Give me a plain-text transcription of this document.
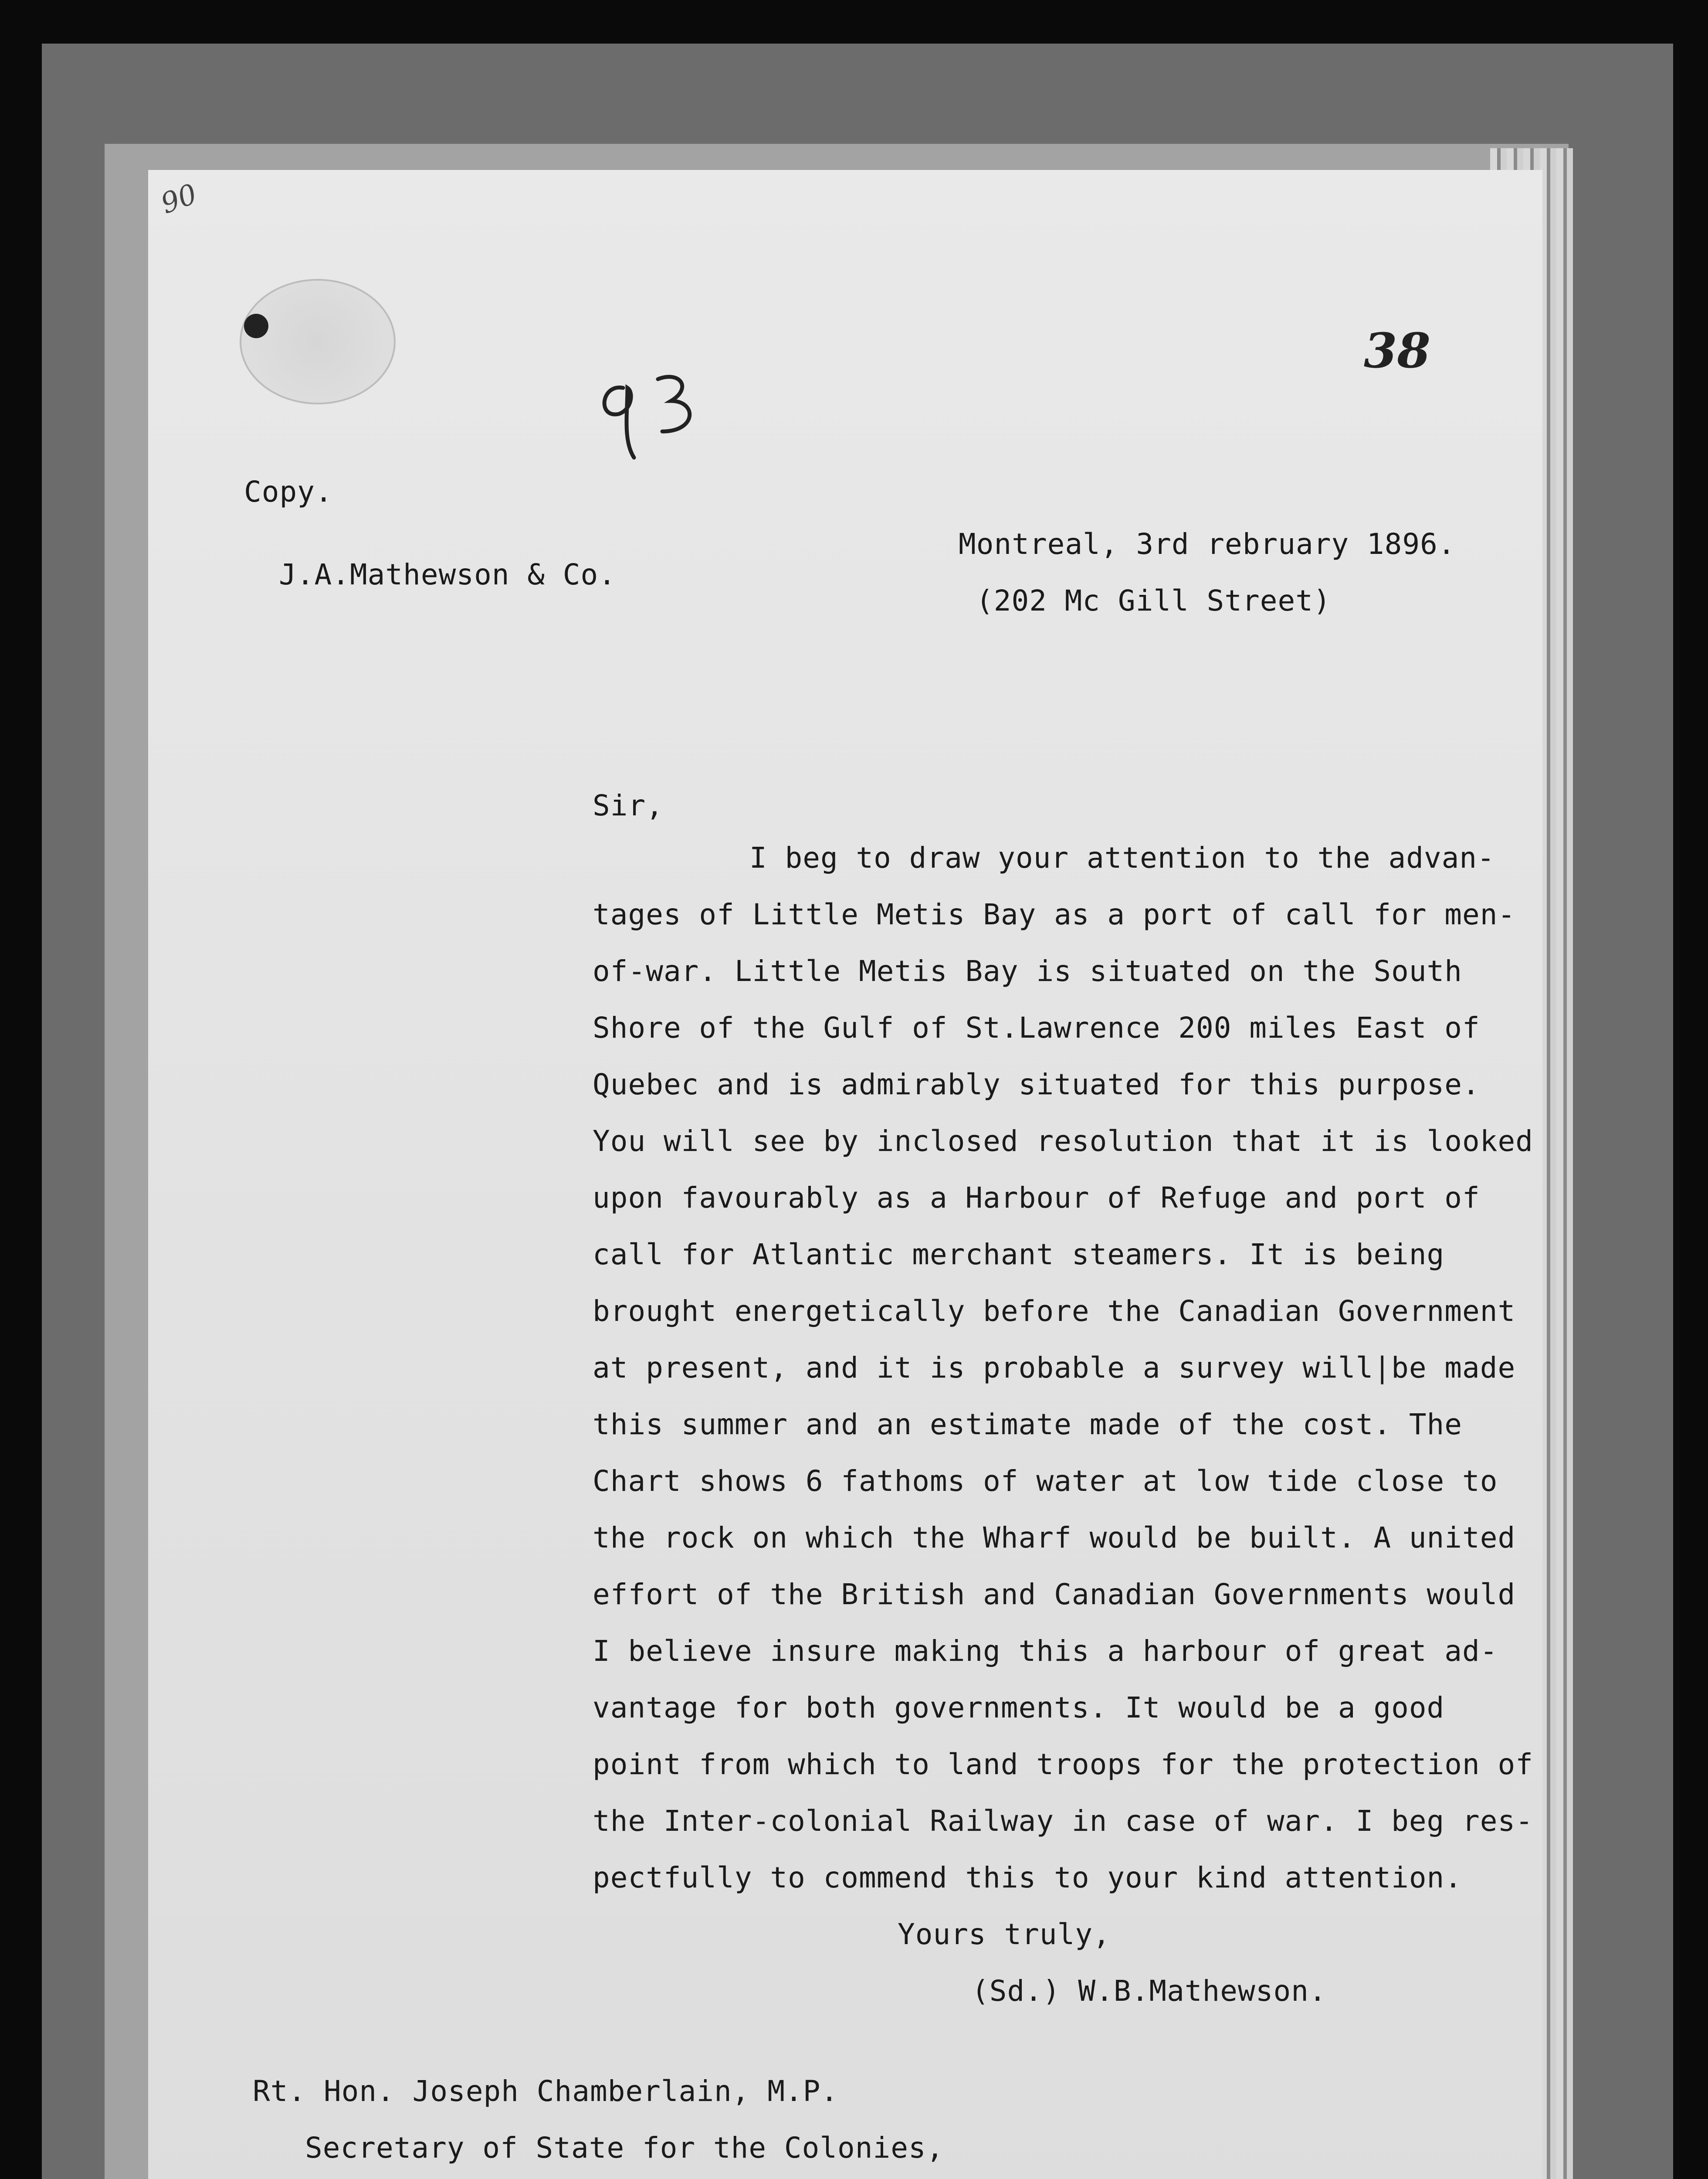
90
38
Copy.
J.A.Mathewson & Co.
Montreal, 3rd rebruary 1896.
(202 Mc Gill Street)
Sir,
I beg to draw your attention to the advan-
tages of Little Metis Bay as a port of call for men-
of-war. Little Metis Bay is situated on the South
Shore of the Gulf of St.Lawrence 200 miles East of
Quebec and is admirably situated for this purpose.
You will see by inclosed resolution that it is looked
upon favourably as a Harbour of Refuge and port of
call for Atlantic merchant steamers. It is being
brought energetically before the Canadian Government
at present, and it is probable a survey will|be made
this summer and an estimate made of the cost. The
Chart shows 6 fathoms of water at low tide close to
the rock on which the Wharf would be built. A united
effort of the British and Canadian Governments would
I believe insure making this a harbour of great ad-
vantage for both governments. It would be a good
point from which to land troops for the protection of
the Inter-colonial Railway in case of war. I beg res-
pectfully to commend this to your kind attention.
Yours truly,
(Sd.) W.B.Mathewson.
Rt. Hon. Joseph Chamberlain, M.P.
Secretary of State for the Colonies,
